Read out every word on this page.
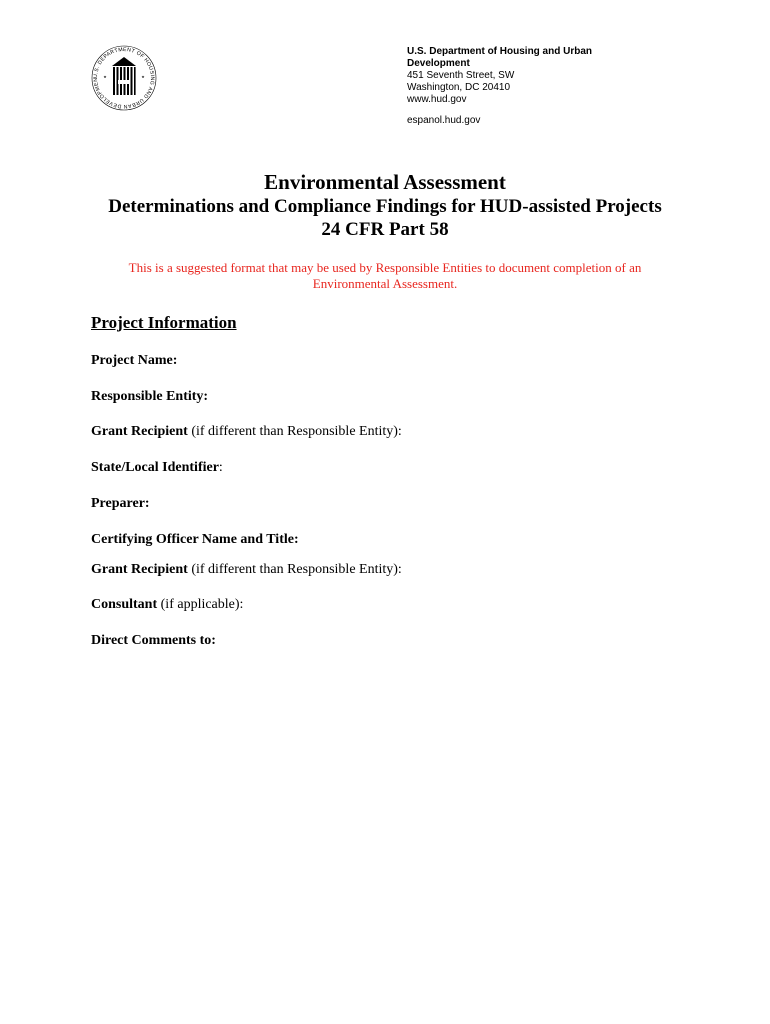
U.S. DEPARTMENT OF HOUSING AND URBAN DEVELOPMEN
U.S. Department of Housing and Urban Development
451 Seventh Street, SW
Washington, DC 20410
www.hud.gov
espanol.hud.gov
Environmental Assessment
Determinations and Compliance Findings for HUD-assisted Projects
24 CFR Part 58
This is a suggested format that may be used by Responsible Entities to document completion of an Environmental Assessment.
Project Information
Project Name:
Responsible Entity:
Grant Recipient (if different than Responsible Entity):
State/Local Identifier:
Preparer:
Certifying Officer Name and Title:
Grant Recipient (if different than Responsible Entity):
Consultant (if applicable):
Direct Comments to:
